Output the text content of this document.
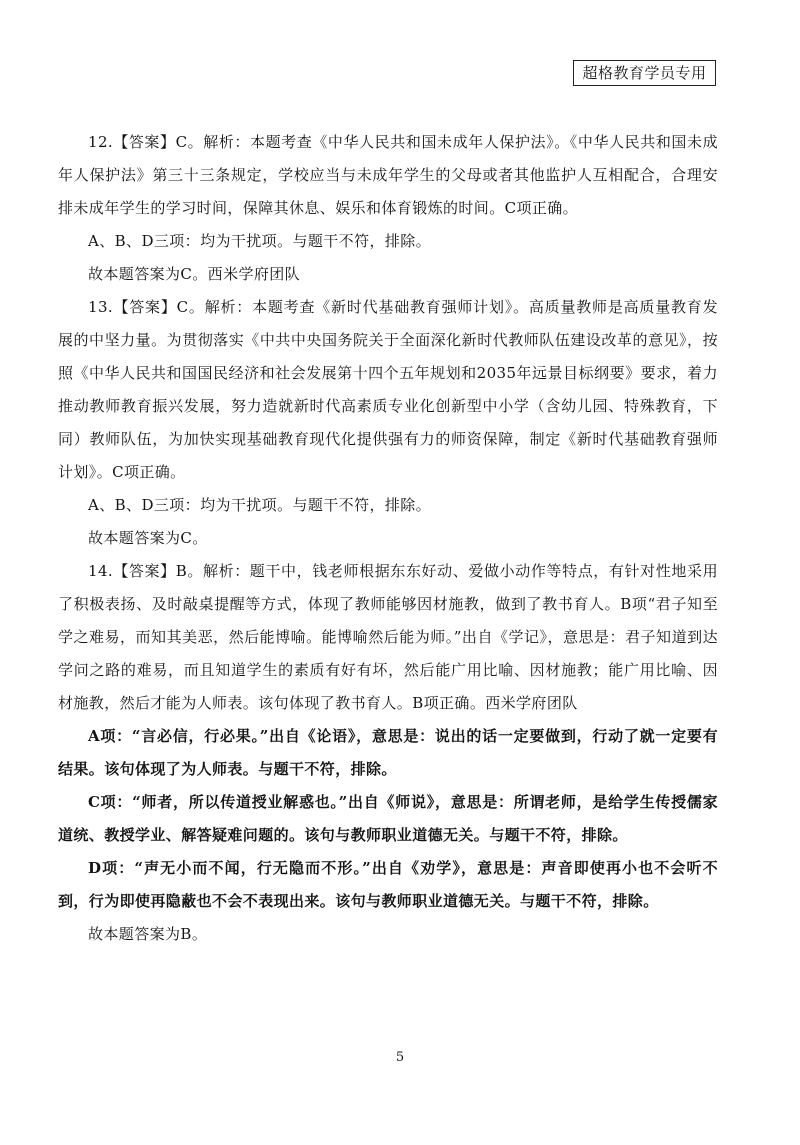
超格教育学员专用

12.【答案】C。解析：本题考查《中华人民共和国未成年人保护法》。《中华人民共和国未成年人保护法》第三十三条规定，学校应当与未成年学生的父母或者其他监护人互相配合，合理安排未成年学生的学习时间，保障其休息、娱乐和体育锻炼的时间。C项正确。

A、B、D三项：均为干扰项。与题干不符，排除。

故本题答案为C。西米学府团队

13.【答案】C。解析：本题考查《新时代基础教育强师计划》。高质量教师是高质量教育发展的中坚力量。为贯彻落实《中共中央国务院关于全面深化新时代教师队伍建设改革的意见》，按照《中华人民共和国国民经济和社会发展第十四个五年规划和2035年远景目标纲要》要求，着力推动教师教育振兴发展，努力造就新时代高素质专业化创新型中小学（含幼儿园、特殊教育，下同）教师队伍，为加快实现基础教育现代化提供强有力的师资保障，制定《新时代基础教育强师计划》。C项正确。

A、B、D三项：均为干扰项。与题干不符，排除。

故本题答案为C。

14.【答案】B。解析：题干中，钱老师根据东东好动、爱做小动作等特点，有针对性地采用了积极表扬、及时敲桌提醒等方式，体现了教师能够因材施教，做到了教书育人。B项“君子知至学之难易，而知其美恶，然后能博喻。能博喻然后能为师。”出自《学记》，意思是：君子知道到达学问之路的难易，而且知道学生的素质有好有坏，然后能广用比喻、因材施教；能广用比喻、因材施教，然后才能为人师表。该句体现了教书育人。B项正确。西米学府团队

A项：“言必信，行必果。”出自《论语》，意思是：说出的话一定要做到，行动了就一定要有结果。该句体现了为人师表。与题干不符，排除。

C项：“师者，所以传道授业解惑也。”出自《师说》，意思是：所谓老师，是给学生传授儒家道统、教授学业、解答疑难问题的。该句与教师职业道德无关。与题干不符，排除。

D项：“声无小而不闻，行无隐而不形。”出自《劝学》，意思是：声音即使再小也不会听不到，行为即使再隐蔽也不会不表现出来。该句与教师职业道德无关。与题干不符，排除。

故本题答案为B。

5
